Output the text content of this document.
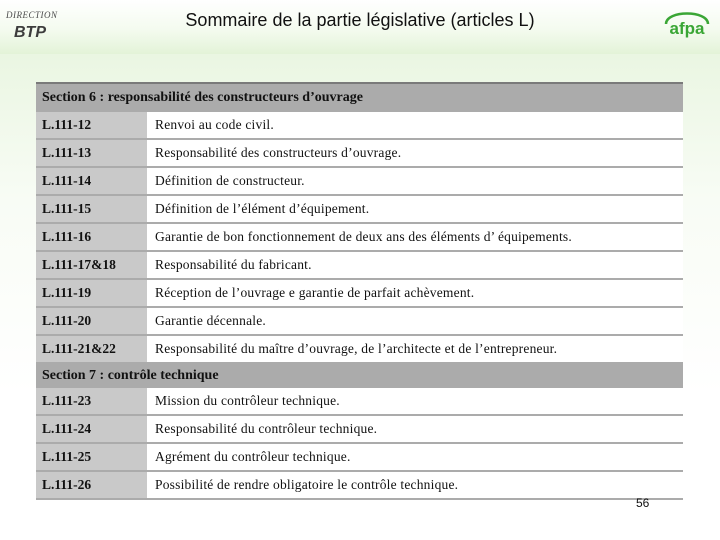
DIRECTION
BTP
Sommaire de la partie législative (articles L)	afpa
Section 6 : responsabilité des constructeurs d’ouvrage	
L.111-12	Renvoi au code civil.
L.111-13	Responsabilité des constructeurs d’ouvrage.
L.111-14	Définition de constructeur.
L.111-15	Définition de l’élément d’équipement.
L.111-16	Garantie de bon fonctionnement de deux ans des éléments d’ équipements.
L.111-17&18	Responsabilité du fabricant.
L.111-19	Réception de l’ouvrage e garantie de parfait achèvement.
L.111-20	Garantie décennale.
L.111-21&22	Responsabilité du maître d’ouvrage, de l’architecte et de l’entrepreneur.
Section 7 : contrôle technique	
L.111-23	Mission du contrôleur technique.
L.111-24	Responsabilité du contrôleur technique.
L.111-25	Agrément du contrôleur technique.
L.111-26	Possibilité de rendre obligatoire le contrôle technique.
56
